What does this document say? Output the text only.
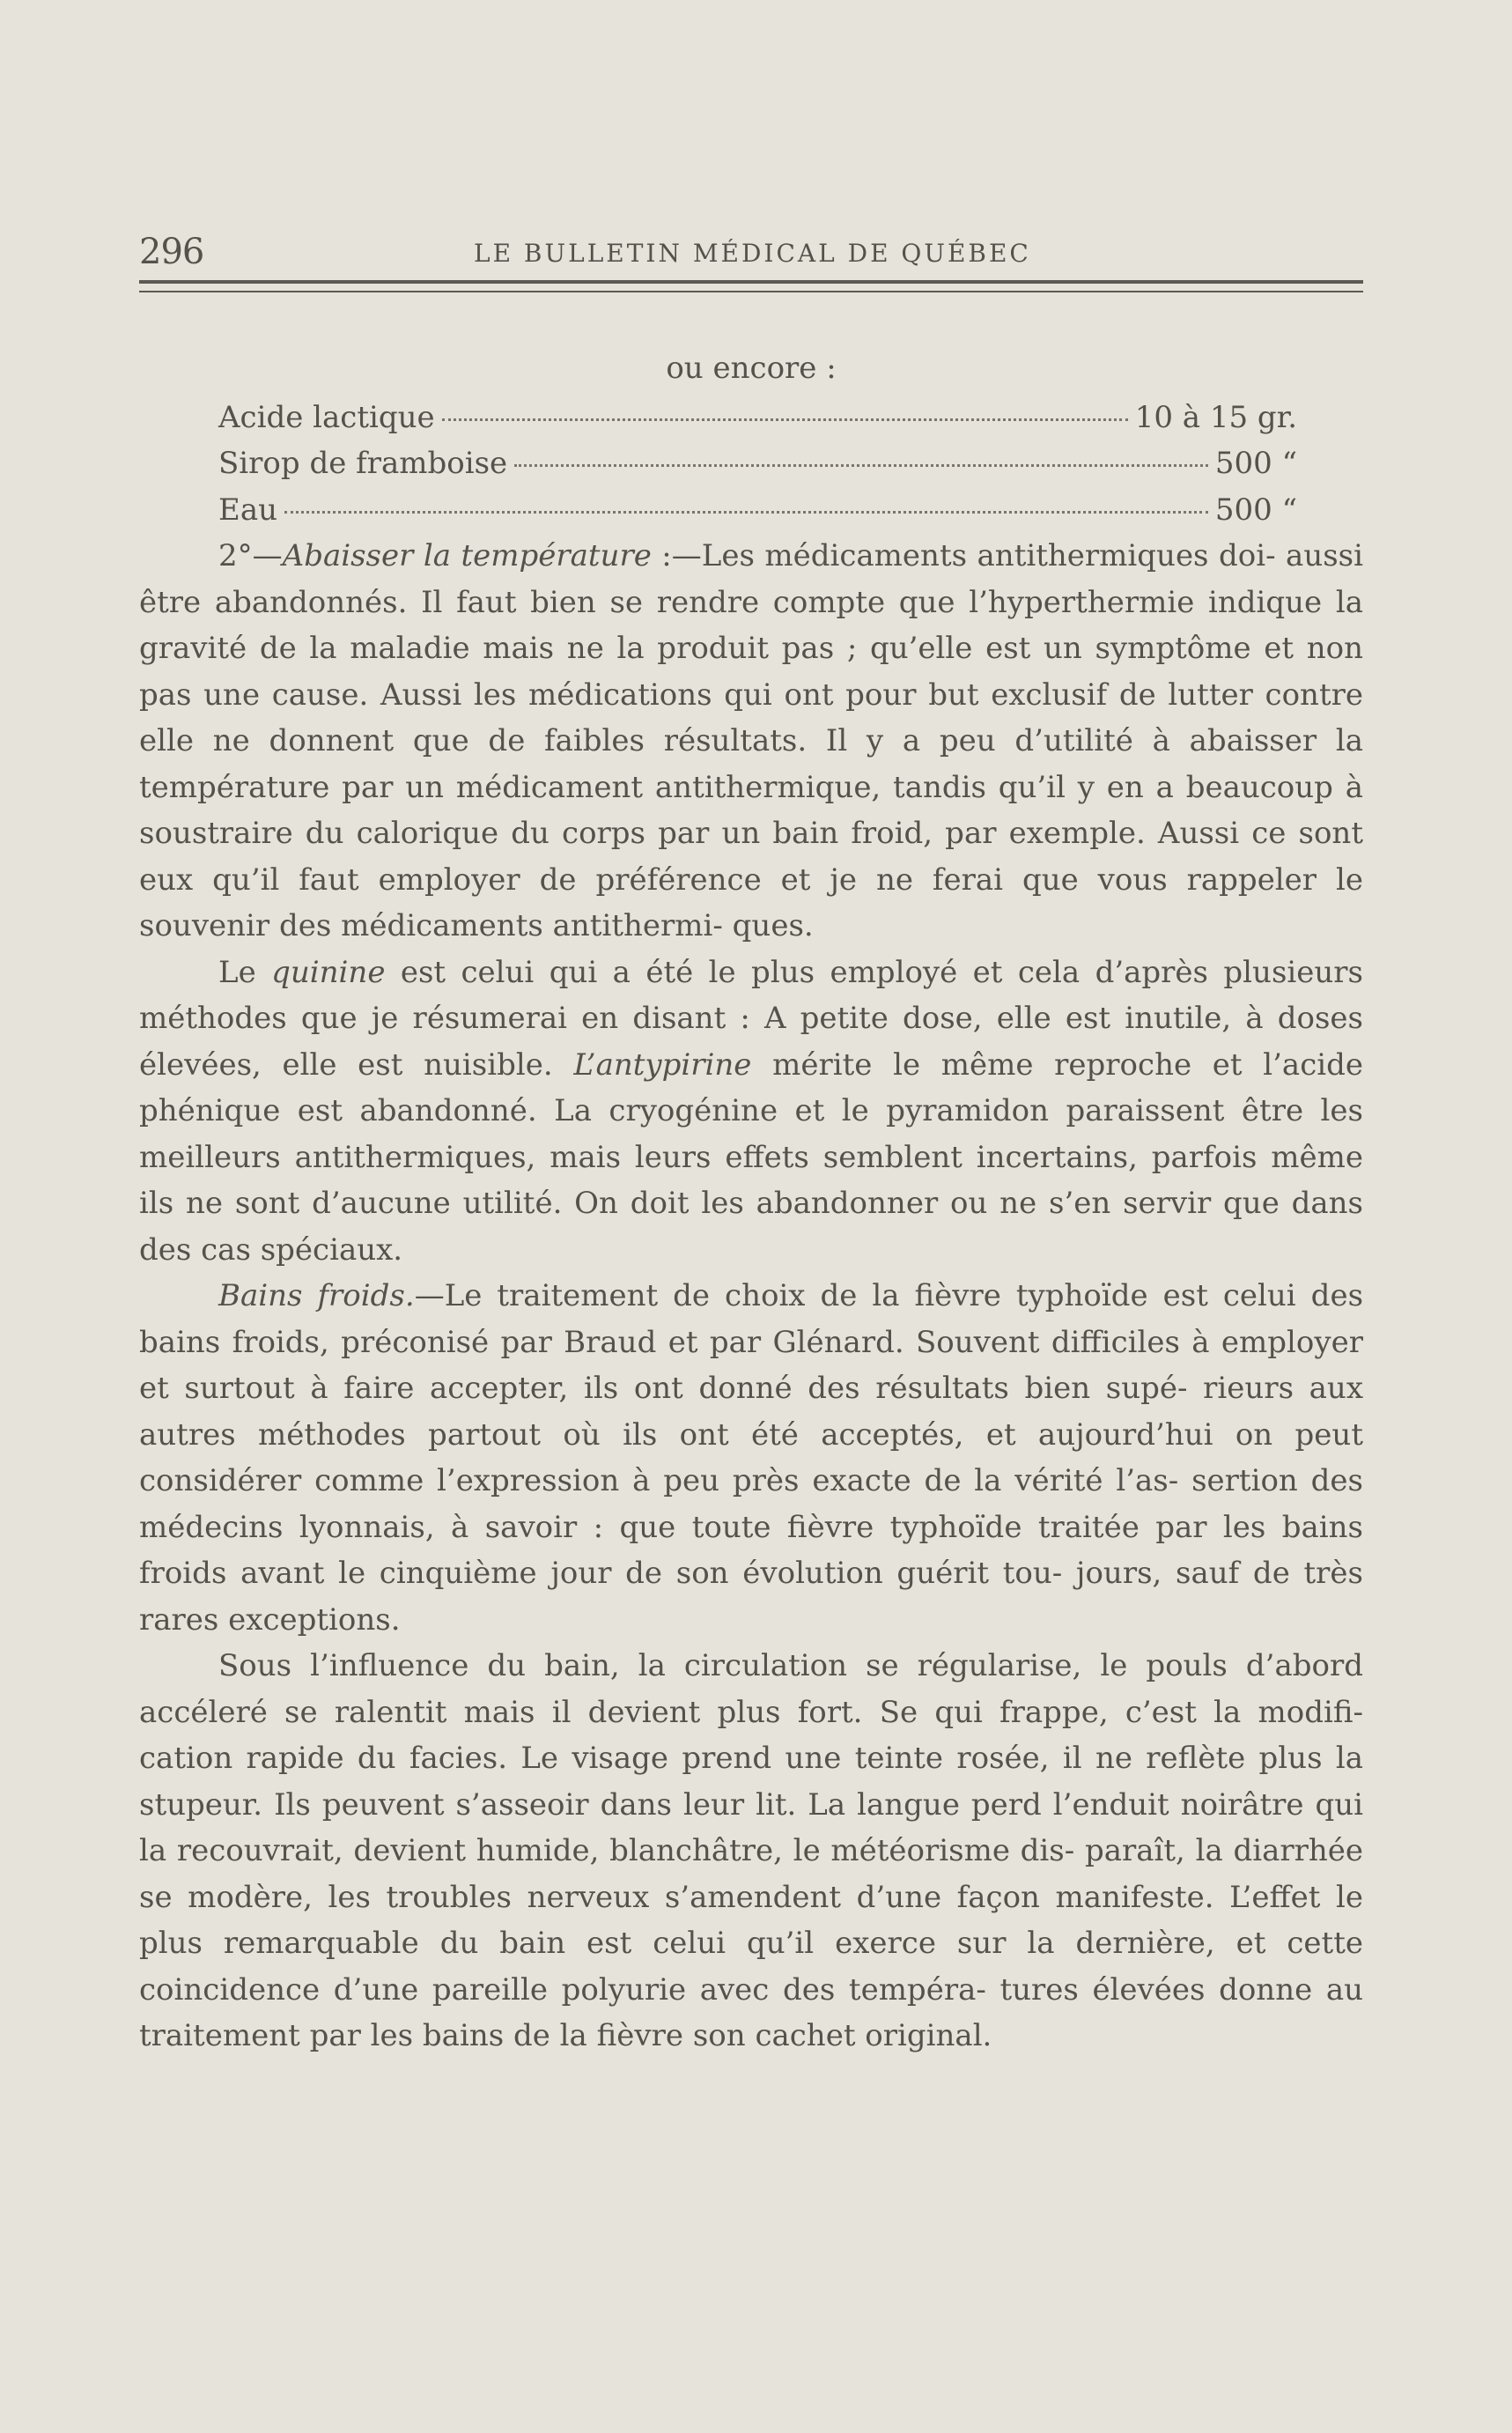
296	LE BULLETIN MÉDICAL DE QUÉBEC
ou encore :
Acide lactique	10 à 15 gr.
Sirop de framboise	500 “
Eau	500 “

2°—Abaisser la température :—Les médicaments antithermiques doi- aussi être abandonnés. Il faut bien se rendre compte que l’hyperthermie indique la gravité de la maladie mais ne la produit pas ; qu’elle est un symptôme et non pas une cause. Aussi les médications qui ont pour but exclusif de lutter contre elle ne donnent que de faibles résultats. Il y a peu d’utilité à abaisser la température par un médicament antithermique, tandis qu’il y en a beaucoup à soustraire du calorique du corps par un bain froid, par exemple. Aussi ce sont eux qu’il faut employer de préférence et je ne ferai que vous rappeler le souvenir des médicaments antithermi- ques.

Le quinine est celui qui a été le plus employé et cela d’après plusieurs méthodes que je résumerai en disant : A petite dose, elle est inutile, à doses élevées, elle est nuisible. L’antypirine mérite le même reproche et l’acide phénique est abandonné. La cryogénine et le pyramidon paraissent être les meilleurs antithermiques, mais leurs effets semblent incertains, parfois même ils ne sont d’aucune utilité. On doit les abandonner ou ne s’en servir que dans des cas spéciaux.

Bains froids.—Le traitement de choix de la fièvre typhoïde est celui des bains froids, préconisé par Braud et par Glénard. Souvent difficiles à employer et surtout à faire accepter, ils ont donné des résultats bien supé- rieurs aux autres méthodes partout où ils ont été acceptés, et aujourd’hui on peut considérer comme l’expression à peu près exacte de la vérité l’as- sertion des médecins lyonnais, à savoir : que toute fièvre typhoïde traitée par les bains froids avant le cinquième jour de son évolution guérit tou- jours, sauf de très rares exceptions.

Sous l’influence du bain, la circulation se régularise, le pouls d’abord accéleré se ralentit mais il devient plus fort. Se qui frappe, c’est la modifi- cation rapide du facies. Le visage prend une teinte rosée, il ne reflète plus la stupeur. Ils peuvent s’asseoir dans leur lit. La langue perd l’enduit noirâtre qui la recouvrait, devient humide, blanchâtre, le météorisme dis- paraît, la diarrhée se modère, les troubles nerveux s’amendent d’une façon manifeste. L’effet le plus remarquable du bain est celui qu’il exerce sur la dernière, et cette coincidence d’une pareille polyurie avec des tempéra- tures élevées donne au traitement par les bains de la fièvre son cachet original.
